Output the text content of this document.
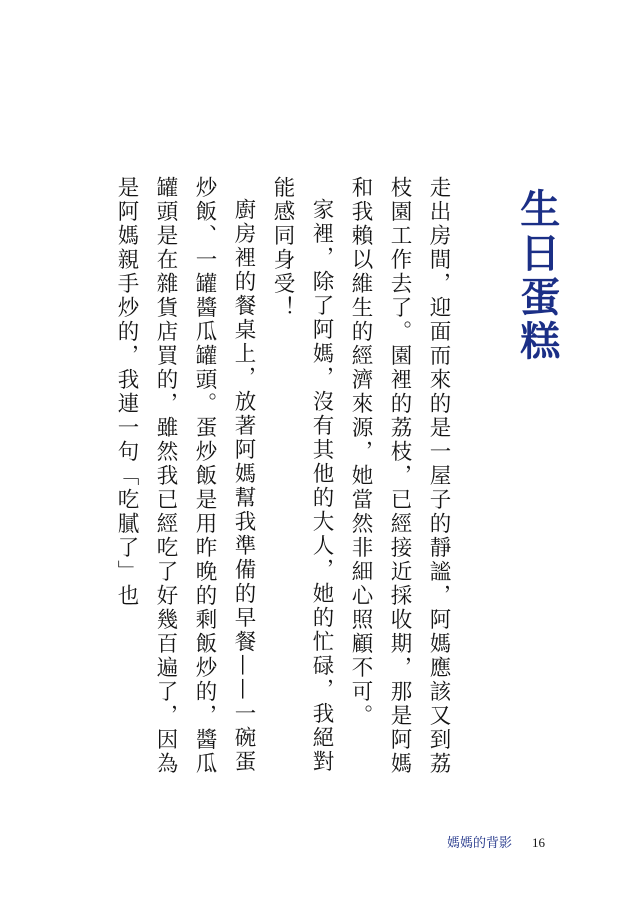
生日蛋糕

走出房間，迎面而來的是一屋子的靜謐，阿媽應該又到荔枝園工作去了。園裡的荔枝，已經接近採收期，那是阿媽和我賴以維生的經濟來源，她當然非細心照顧不可。

家裡，除了阿媽，沒有其他的大人，她的忙碌，我絕對能感同身受！

廚房裡的餐桌上，放著阿媽幫我準備的早餐——一碗蛋炒飯、一罐醬瓜罐頭。蛋炒飯是用昨晚的剩飯炒的，醬瓜罐頭是在雜貨店買的，雖然我已經吃了好幾百遍了，因為是阿媽親手炒的，我連一句「吃膩了」也

媽媽的背影 16
